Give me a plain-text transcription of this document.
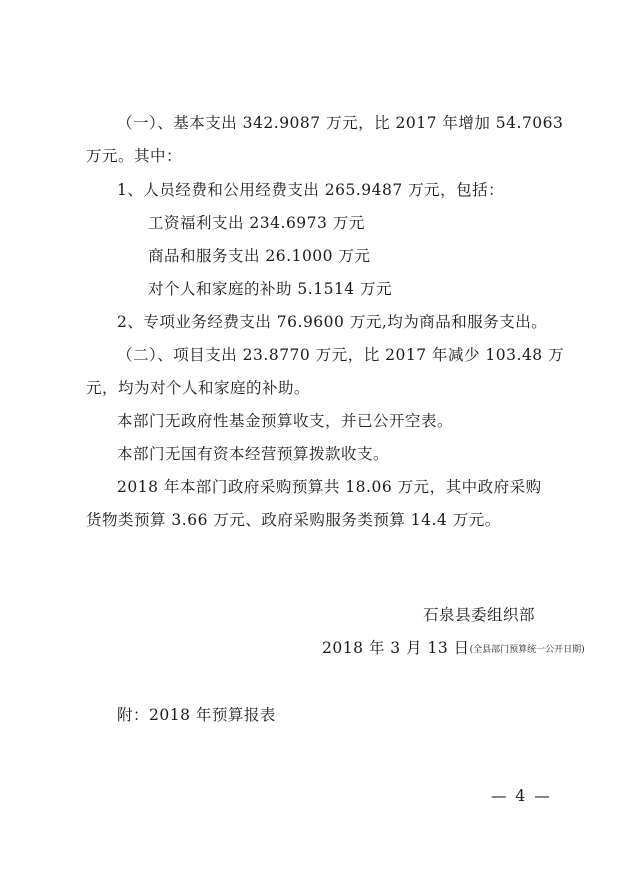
（一）、基本支出 342.9087 万元，比 2017 年增加 54.7063
万元。其中：
1、人员经费和公用经费支出 265.9487 万元，包括：
工资福利支出 234.6973 万元
商品和服务支出 26.1000 万元
对个人和家庭的补助 5.1514 万元
2、专项业务经费支出 76.9600 万元,均为商品和服务支出。
（二）、项目支出 23.8770 万元，比 2017 年减少 103.48 万
元，均为对个人和家庭的补助。
本部门无政府性基金预算收支，并已公开空表。
本部门无国有资本经营预算拨款收支。
2018 年本部门政府采购预算共 18.06 万元，其中政府采购
货物类预算 3.66 万元、政府采购服务类预算 14.4 万元。
石泉县委组织部
2018 年 3 月 13 日(全县部门预算统一公开日期)
附：2018 年预算报表
— 4 —
